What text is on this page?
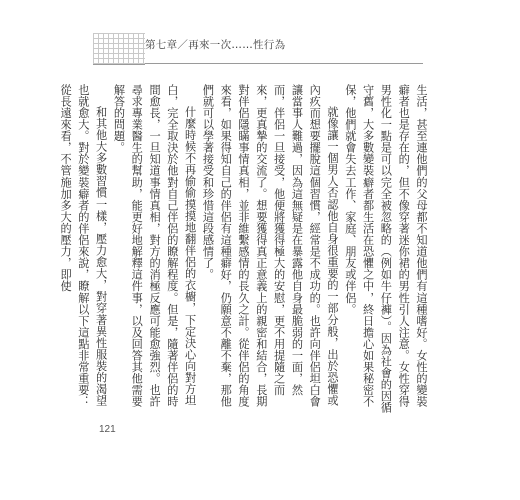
第七章／再來一次……性行為

生活，甚至連他們的父母都不知道他們有這種嗜好。女性的變裝癖者也是存在的，但不像穿著迷你裙的男性引人注意。女性穿得男性化一點是可以完全被忽略的（例如牛仔褲）。因為社會的因循守舊，大多數變裝癖者都生活在恐懼之中，終日擔心如果秘密不保，他們就會失去工作、家庭、朋友或伴侶。

就像讓一個男人否認他自身很重要的一部分般，出於恐懼或內疚而想要擺脫這個習慣，經常是不成功的。也許向伴侶坦白會讓當事人難過，因為這無疑是在暴露他自身最脆弱的一面，然而，伴侶一旦接受，他便將獲得極大的安慰，更不用提隨之而來，更真摯的交流了。想要獲得真正意義上的親密和結合，長期對伴侶隱瞞事情真相，並非維繫感情的長久之計。從伴侶的角度來看，如果得知自己的伴侶有這種癖好，仍願意不離不棄，那他們就可以學著接受和珍惜這段感情了。

什麼時候不再偷偷摸摸地翻伴侶的衣櫥，下定決心向對方坦白，完全取決於他對自己伴侶的瞭解程度。但是，隨著伴侶的時間愈長，一旦知道事情真相，對方的消極反應可能愈強烈。也許尋求專業醫生的幫助，能更好地解釋這件事，以及回答其他需要解答的問題。

和其他大多數習慣一樣，壓力愈大，對穿著異性服裝的渴望也就愈大。對於變裝癖者的伴侶來說，瞭解以下這點非常重要：從長遠來看，不管施加多大的壓力，即使

121
